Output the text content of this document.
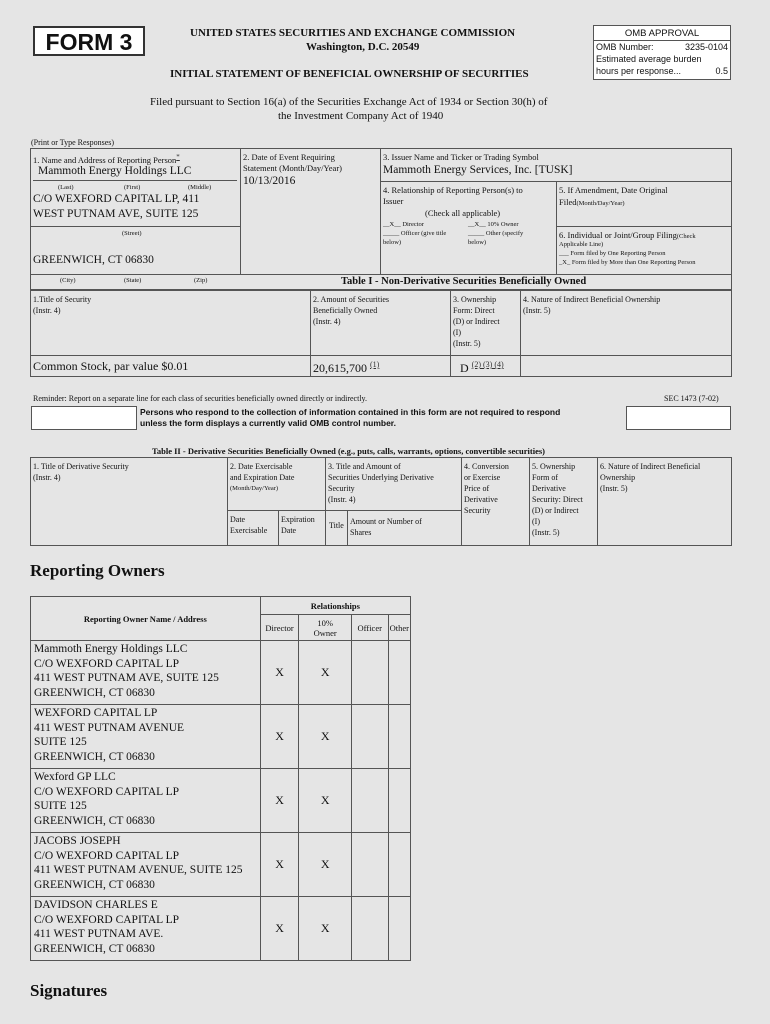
FORM 3	UNITED STATES SECURITIES AND EXCHANGE COMMISSION
Washington, D.C. 20549
INITIAL STATEMENT OF BENEFICIAL OWNERSHIP OF SECURITIES
OMB APPROVAL
OMB Number:	3235-0104
Estimated average burden
hours per response...	0.5
Filed pursuant to Section 16(a) of the Securities Exchange Act of 1934 or Section 30(h) of
the Investment Company Act of 1940
(Print or Type Responses)
1. Name and Address of Reporting Person*
Mammoth Energy Holdings LLC
(Last)	(First)	(Middle)
C/O WEXFORD CAPITAL LP, 411
WEST PUTNAM AVE, SUITE 125
(Street)
GREENWICH, CT 06830
(City)	(State)	(Zip)
2. Date of Event Requiring
Statement (Month/Day/Year)
10/13/2016
3. Issuer Name and Ticker or Trading Symbol
Mammoth Energy Services, Inc. [TUSK]
4. Relationship of Reporting Person(s) to
Issuer
(Check all applicable)
__X__ Director	__X__ 10% Owner
_____ Officer (give title
below)
_____ Other (specify
below)
5. If Amendment, Date Original
Filed(Month/Day/Year)
6. Individual or Joint/Group Filing(Check
Applicable Line)
___ Form filed by One Reporting Person
_X_ Form filed by More than One Reporting Person
Table I - Non-Derivative Securities Beneficially Owned
1.Title of Security
(Instr. 4)
2. Amount of Securities
Beneficially Owned
(Instr. 4)
3. Ownership
Form: Direct
(D) or Indirect
(I)
(Instr. 5)
4. Nature of Indirect Beneficial Ownership
(Instr. 5)
Common Stock, par value $0.01	20,615,700 $^{(1)}$	D $^{(2) (3) (4)}$
Reminder: Report on a separate line for each class of securities beneficially owned directly or indirectly.	SEC 1473 (7-02)
Persons who respond to the collection of information contained in this form are not required to respond
unless the form displays a currently valid OMB control number.
Table II - Derivative Securities Beneficially Owned (e.g., puts, calls, warrants, options, convertible securities)
1. Title of Derivative Security
(Instr. 4)
2. Date Exercisable
and Expiration Date
(Month/Day/Year)
Date
Exercisable
Expiration
Date
3. Title and Amount of
Securities Underlying Derivative
Security
(Instr. 4)
Title Amount or Number of
Shares
4. Conversion
or Exercise
Price of
Derivative
Security
5. Ownership
Form of
Derivative
Security: Direct
(D) or Indirect
(I)
(Instr. 5)
6. Nature of Indirect Beneficial
Ownership
(Instr. 5)
Reporting Owners
Reporting Owner Name / Address	Relationships			
	Director	10%
Owner	Officer	Other

Mammoth Energy Holdings LLC
C/O WEXFORD CAPITAL LP
411 WEST PUTNAM AVE, SUITE 125
GREENWICH, CT 06830	X	X		

WEXFORD CAPITAL LP
411 WEST PUTNAM AVENUE
SUITE 125
GREENWICH, CT 06830	X	X		

Wexford GP LLC
C/O WEXFORD CAPITAL LP
SUITE 125
GREENWICH, CT 06830	X	X		

JACOBS JOSEPH
C/O WEXFORD CAPITAL LP
411 WEST PUTNAM AVENUE, SUITE 125
GREENWICH, CT 06830	X	X		

DAVIDSON CHARLES E
C/O WEXFORD CAPITAL LP
411 WEST PUTNAM AVE.
GREENWICH, CT 06830	X	X		
Signatures
